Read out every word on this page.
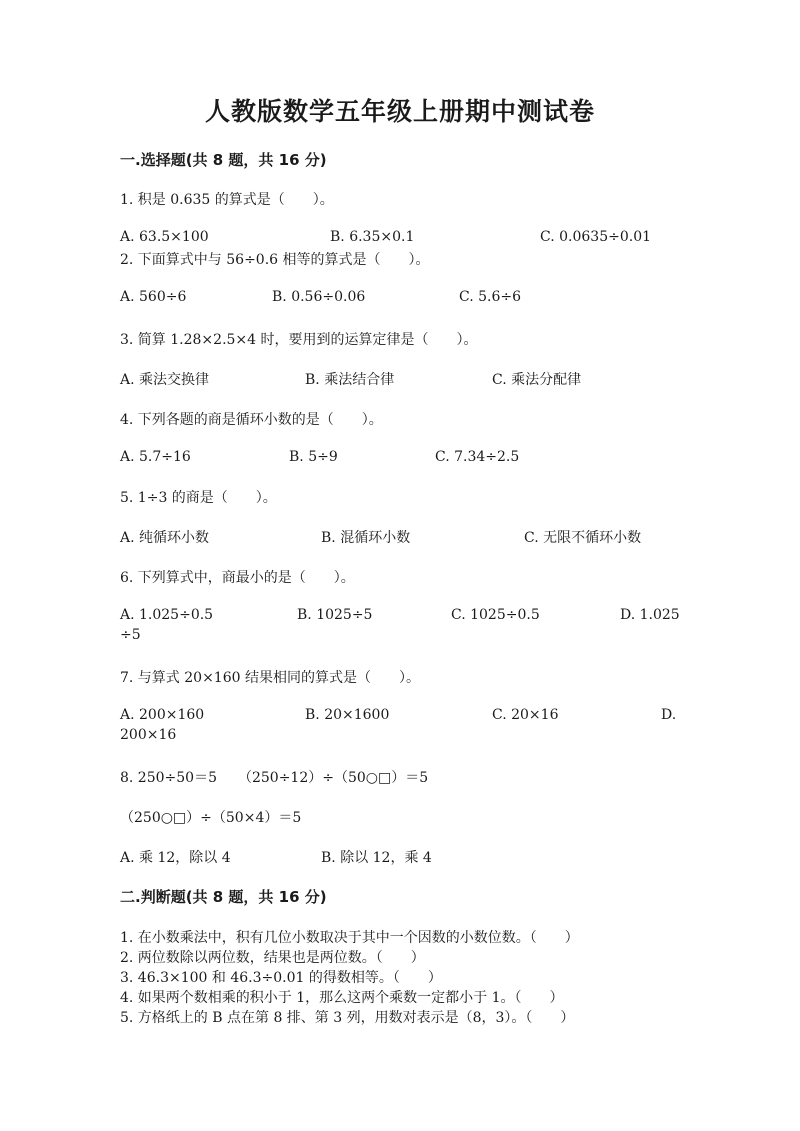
人教版数学五年级上册期中测试卷
一.选择题(共 8 题，共 16 分)
1. 积是 0.635 的算式是（　　）。
A. 63.5×100	B. 6.35×0.1	C. 0.0635÷0.01
2. 下面算式中与 56÷0.6 相等的算式是（　　）。
A. 560÷6	B. 0.56÷0.06	C. 5.6÷6
3. 简算 1.28×2.5×4 时，要用到的运算定律是（　　）。
A. 乘法交换律	B. 乘法结合律	C. 乘法分配律
4. 下列各题的商是循环小数的是（　　）。
A. 5.7÷16	B. 5÷9	C. 7.34÷2.5
5. 1÷3 的商是（　　）。
A. 纯循环小数	B. 混循环小数	C. 无限不循环小数
6. 下列算式中，商最小的是（　　）。
A. 1.025÷0.5	B. 1025÷5	C. 1025÷0.5	D. 1.025
÷5
7. 与算式 20×160 结果相同的算式是（　　）。
A. 200×160	B. 20×1600	C. 20×16	D.
200×16
8. 250÷50＝5　　（250÷12）÷（50○□）＝5
（250○□）÷（50×4）＝5
A. 乘 12，除以 4	B. 除以 12，乘 4
二.判断题(共 8 题，共 16 分)
1. 在小数乘法中，积有几位小数取决于其中一个因数的小数位数。（　　）
2. 两位数除以两位数，结果也是两位数。（　　）
3. 46.3×100 和 46.3÷0.01 的得数相等。（　　）
4. 如果两个数相乘的积小于 1，那么这两个乘数一定都小于 1。（　　）
5. 方格纸上的 B 点在第 8 排、第 3 列，用数对表示是（8，3）。（　　）
